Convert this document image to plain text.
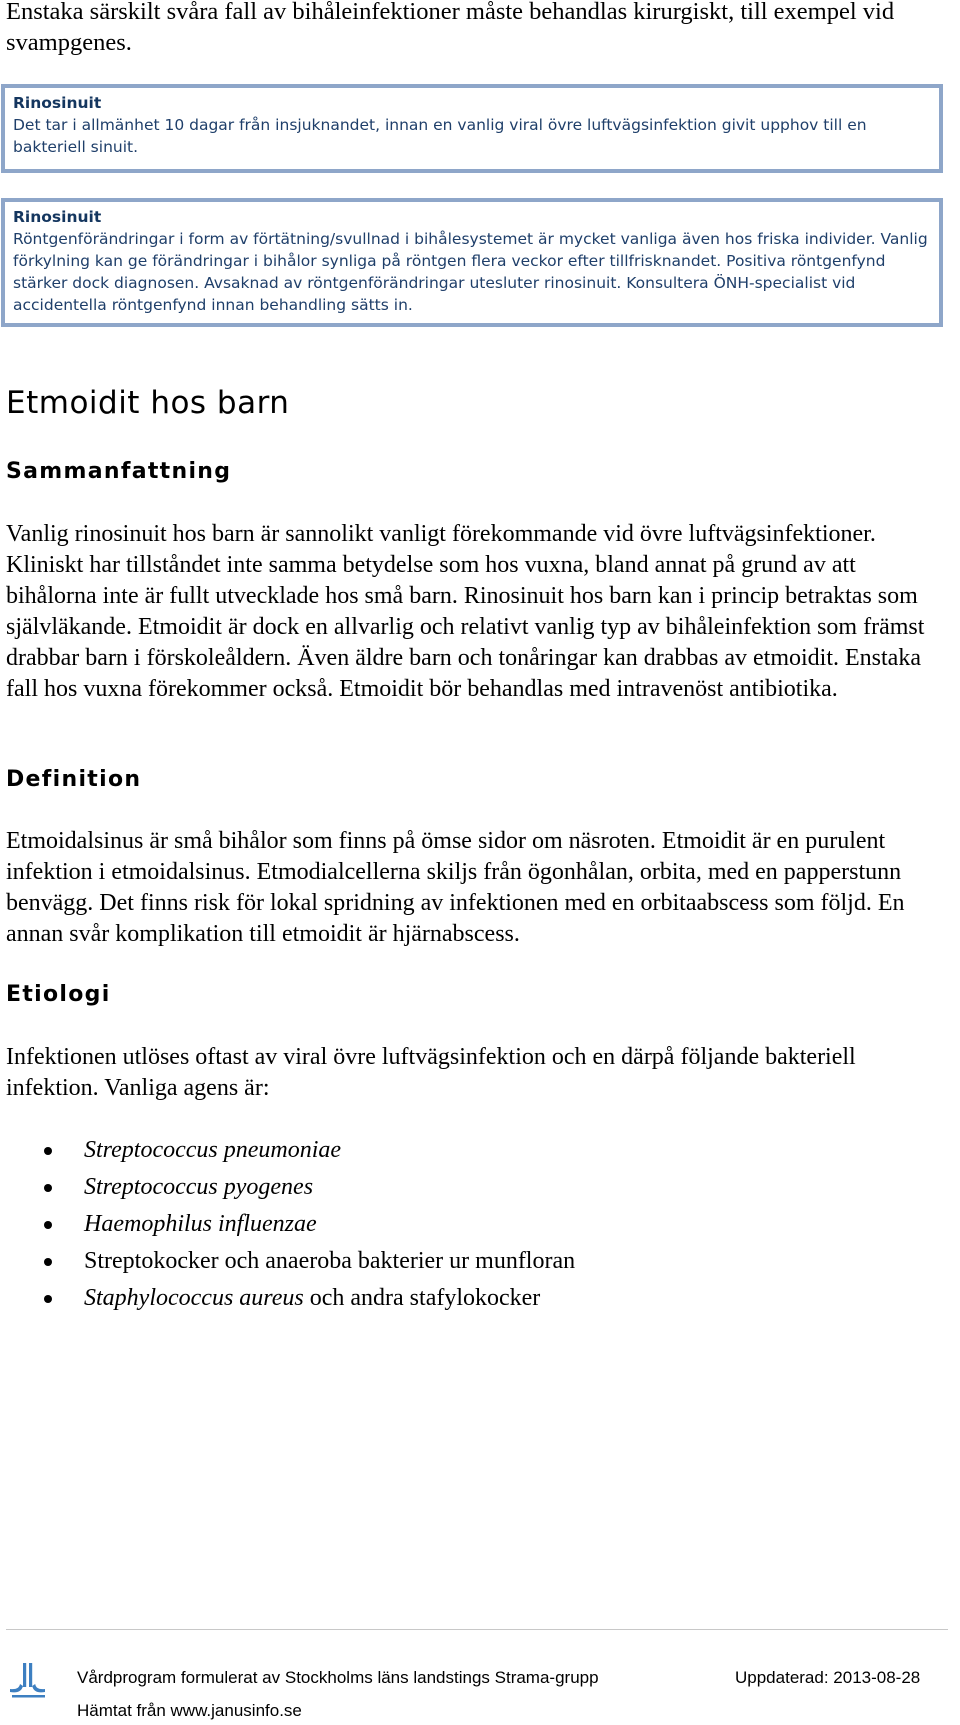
Enstaka särskilt svåra fall av bihåleinfektioner måste behandlas kirurgiskt, till exempel vid svampgenes.

Rinosinuit
Det tar i allmänhet 10 dagar från insjuknandet, innan en vanlig viral övre luftvägsinfektion givit upphov till en bakteriell sinuit.
Rinosinuit
Röntgenförändringar i form av förtätning/svullnad i bihålesystemet är mycket vanliga även hos friska individer. Vanlig förkylning kan ge förändringar i bihålor synliga på röntgen flera veckor efter tillfrisknandet. Positiva röntgenfynd stärker dock diagnosen. Avsaknad av röntgenförändringar utesluter rinosinuit. Konsultera ÖNH-specialist vid accidentella röntgenfynd innan behandling sätts in.
Etmoidit hos barn
Sammanfattning

Vanlig rinosinuit hos barn är sannolikt vanligt förekommande vid övre luftvägsinfektioner. Kliniskt har tillståndet inte samma betydelse som hos vuxna, bland annat på grund av att bihålorna inte är fullt utvecklade hos små barn. Rinosinuit hos barn kan i princip betraktas som självläkande. Etmoidit är dock en allvarlig och relativt vanlig typ av bihåleinfektion som främst drabbar barn i förskoleåldern. Även äldre barn och tonåringar kan drabbas av etmoidit. Enstaka fall hos vuxna förekommer också. Etmoidit bör behandlas med intravenöst antibiotika.

Definition

Etmoidalsinus är små bihålor som finns på ömse sidor om näsroten. Etmoidit är en purulent infektion i etmoidalsinus. Etmodialcellerna skiljs från ögonhålan, orbita, med en papperstunn benvägg. Det finns risk för lokal spridning av infektionen med en orbitaabscess som följd. En annan svår komplikation till etmoidit är hjärnabscess.

Etiologi

Infektionen utlöses oftast av viral övre luftvägsinfektion och en därpå följande bakteriell infektion. Vanliga agens är:

Streptococcus pneumoniae
Streptococcus pyogenes
Haemophilus influenzae
Streptokocker och anaeroba bakterier ur munfloran
Staphylococcus aureus och andra stafylokocker
Vårdprogram formulerat av Stockholms läns landstings Strama-grupp	Uppdaterad: 2013-08-28
Hämtat från www.janusinfo.se
